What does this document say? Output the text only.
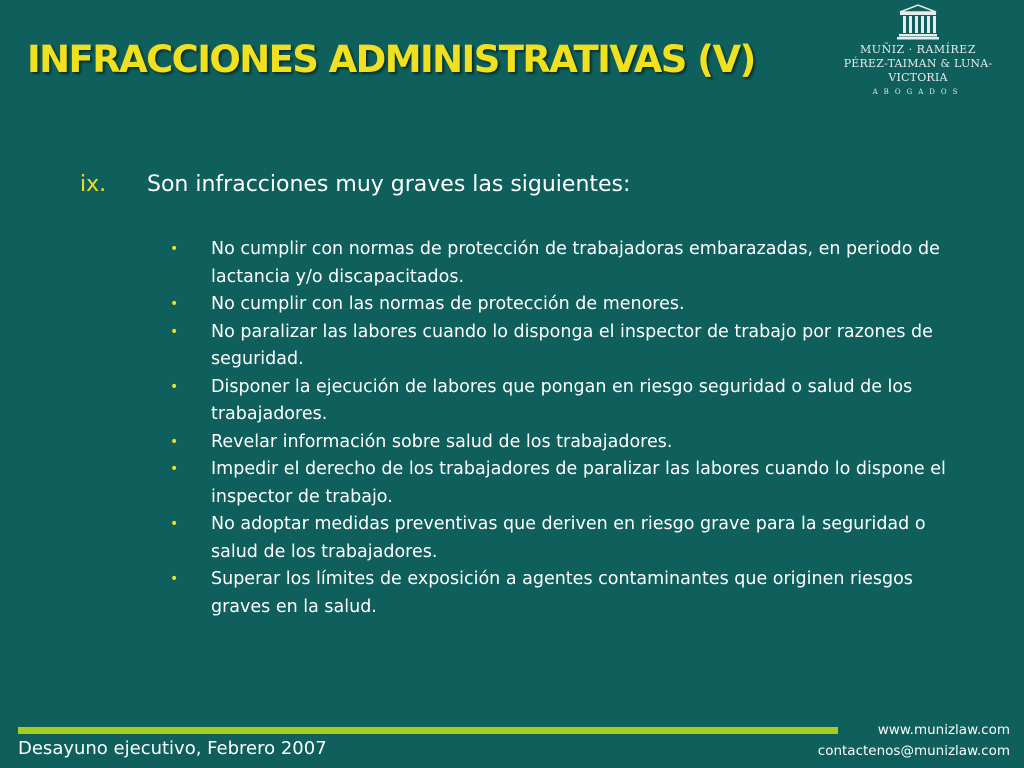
INFRACCIONES ADMINISTRATIVAS (V)	MUÑIZ · RAMÍREZ
PÉREZ-TAIMAN & LUNA-VICTORIA
ABOGADOS
ix. Son infracciones muy graves las siguientes:
• No cumplir con normas de protección de trabajadoras embarazadas, en periodo de lactancia y/o discapacitados.
• No cumplir con las normas de protección de menores.
• No paralizar las labores cuando lo disponga el inspector de trabajo por razones de seguridad.
• Disponer la ejecución de labores que pongan en riesgo seguridad o salud de los trabajadores.
• Revelar información sobre salud de los trabajadores.
• Impedir el derecho de los trabajadores de paralizar las labores cuando lo dispone el inspector de trabajo.
• No adoptar medidas preventivas que deriven en riesgo grave para la seguridad o salud de los trabajadores.
• Superar los límites de exposición a agentes contaminantes que originen riesgos graves en la salud.
Desayuno ejecutivo, Febrero 2007
www.munizlaw.com
contactenos@munizlaw.com
